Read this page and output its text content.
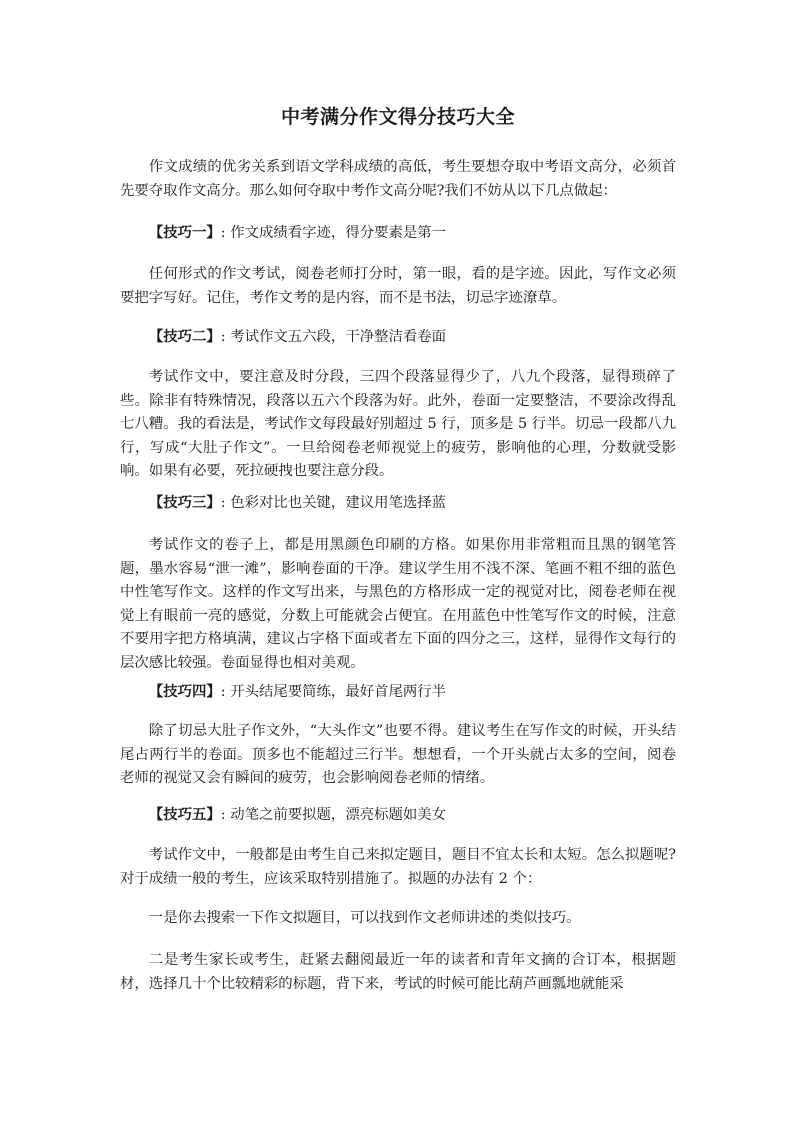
中考满分作文得分技巧大全

作文成绩的优劣关系到语文学科成绩的高低，考生要想夺取中考语文高分，必须首先要夺取作文高分。那么如何夺取中考作文高分呢?我们不妨从以下几点做起：

【技巧一】: 作文成绩看字迹，得分要素是第一

任何形式的作文考试，阅卷老师打分时，第一眼，看的是字迹。因此，写作文必须要把字写好。记住，考作文考的是内容，而不是书法，切忌字迹潦草。

【技巧二】: 考试作文五六段，干净整洁看卷面

考试作文中，要注意及时分段，三四个段落显得少了，八九个段落，显得琐碎了些。除非有特殊情况，段落以五六个段落为好。此外，卷面一定要整洁，不要涂改得乱七八糟。我的看法是，考试作文每段最好别超过 5 行，顶多是 5 行半。切忌一段都八九行，写成“大肚子作文”。一旦给阅卷老师视觉上的疲劳，影响他的心理，分数就受影响。如果有必要，死拉硬拽也要注意分段。

【技巧三】: 色彩对比也关键，建议用笔选择蓝

考试作文的卷子上，都是用黑颜色印刷的方格。如果你用非常粗而且黑的钢笔答题，墨水容易“泄一滩”，影响卷面的干净。建议学生用不浅不深、笔画不粗不细的蓝色中性笔写作文。这样的作文写出来，与黑色的方格形成一定的视觉对比，阅卷老师在视觉上有眼前一亮的感觉，分数上可能就会占便宜。在用蓝色中性笔写作文的时候，注意不要用字把方格填满，建议占字格下面或者左下面的四分之三，这样，显得作文每行的层次感比较强。卷面显得也相对美观。

【技巧四】: 开头结尾要简练，最好首尾两行半

除了切忌大肚子作文外，“大头作文”也要不得。建议考生在写作文的时候，开头结尾占两行半的卷面。顶多也不能超过三行半。想想看，一个开头就占太多的空间，阅卷老师的视觉又会有瞬间的疲劳，也会影响阅卷老师的情绪。

【技巧五】: 动笔之前要拟题，漂亮标题如美女

考试作文中，一般都是由考生自己来拟定题目，题目不宜太长和太短。怎么拟题呢?对于成绩一般的考生，应该采取特别措施了。拟题的办法有 2 个：

一是你去搜索一下作文拟题目，可以找到作文老师讲述的类似技巧。

二是考生家长或考生，赶紧去翻阅最近一年的读者和青年文摘的合订本，根据题材，选择几十个比较精彩的标题，背下来，考试的时候可能比葫芦画瓢地就能采
